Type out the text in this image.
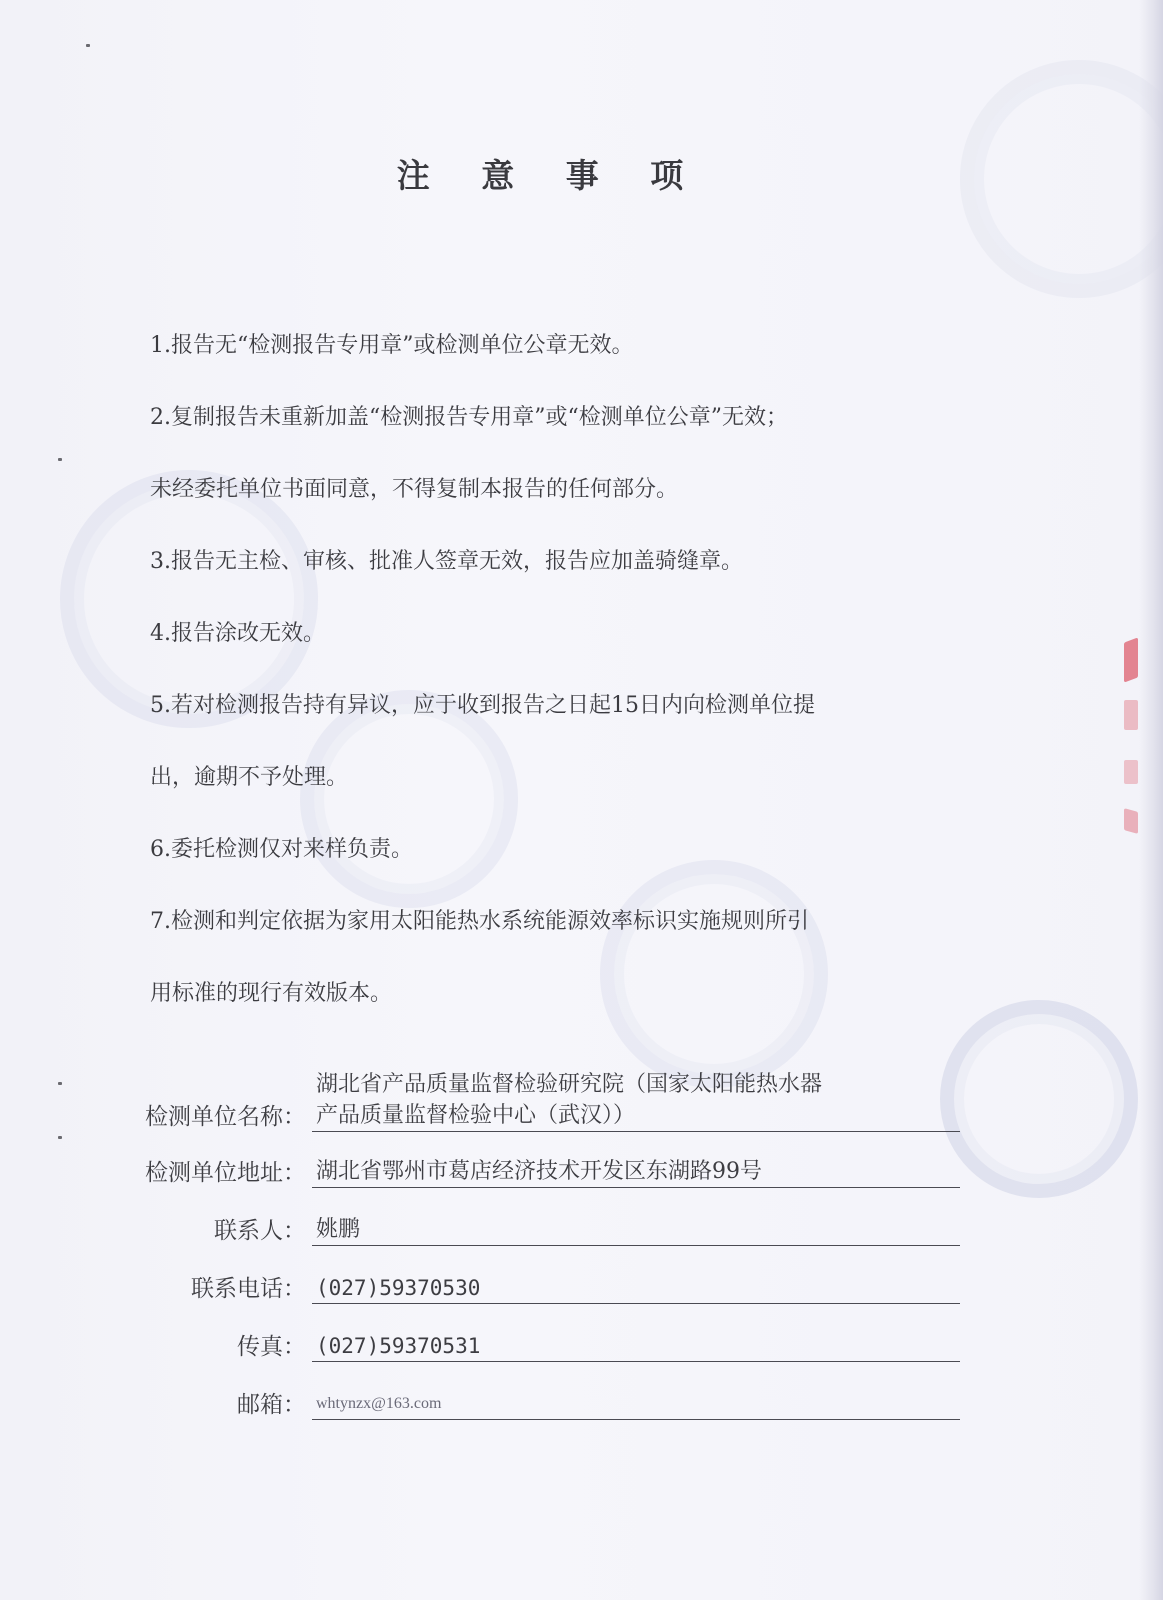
注 意 事 项
1.报告无“检测报告专用章”或检测单位公章无效。
2.复制报告未重新加盖“检测报告专用章”或“检测单位公章”无效；
未经委托单位书面同意，不得复制本报告的任何部分。
3.报告无主检、审核、批准人签章无效，报告应加盖骑缝章。
4.报告涂改无效。
5.若对检测报告持有异议，应于收到报告之日起15日内向检测单位提
出，逾期不予处理。
6.委托检测仅对来样负责。
7.检测和判定依据为家用太阳能热水系统能源效率标识实施规则所引
用标准的现行有效版本。
检测单位名称：
湖北省产品质量监督检验研究院（国家太阳能热水器
产品质量监督检验中心（武汉））
检测单位地址： 湖北省鄂州市葛店经济技术开发区东湖路99号
联系人： 姚鹏
联系电话： (027)59370530
传真： (027)59370531
邮箱： whtynzx@163.com
